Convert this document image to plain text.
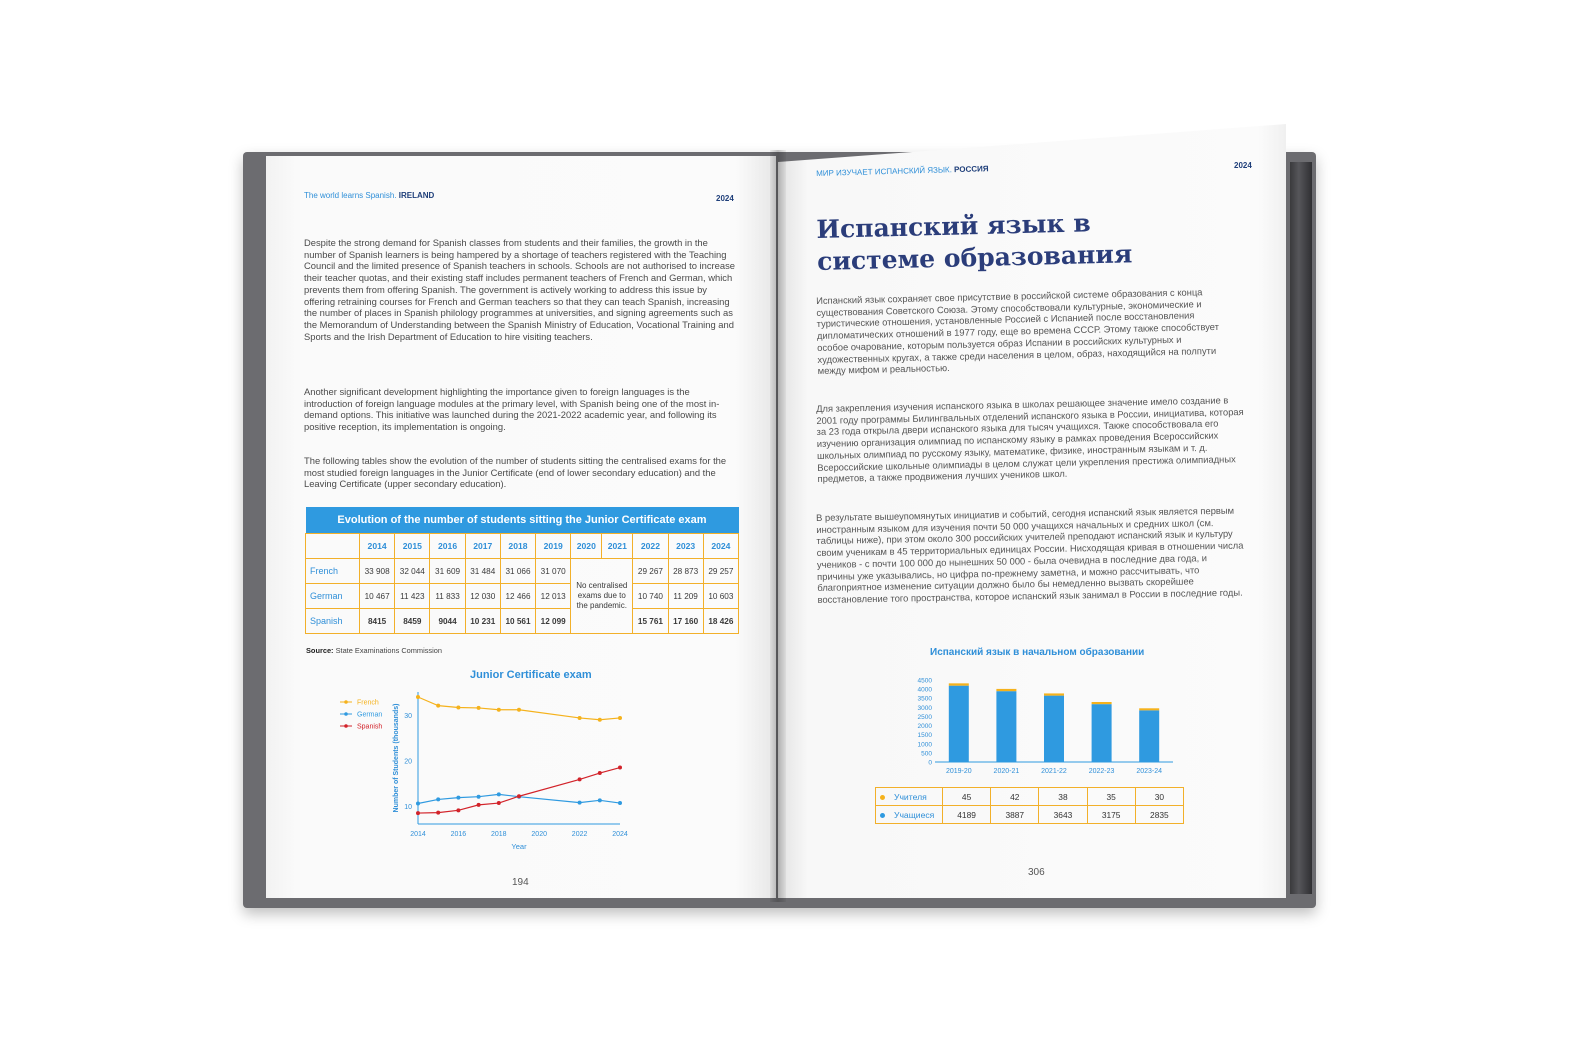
The world learns Spanish. IRELAND	2024
Despite the strong demand for Spanish classes from students and their families, the growth in the number of Spanish learners is being hampered by a shortage of teachers registered with the Teaching Council and the limited presence of Spanish teachers in schools. Schools are not authorised to increase their teacher quotas, and their existing staff includes permanent teachers of French and German, which prevents them from offering Spanish. The government is actively working to address this issue by offering retraining courses for French and German teachers so that they can teach Spanish, increasing the number of places in Spanish philology programmes at universities, and signing agreements such as the Memorandum of Understanding between the Spanish Ministry of Education, Vocational Training and Sports and the Irish Department of Education to hire visiting teachers.
Another significant development highlighting the importance given to foreign languages is the introduction of foreign language modules at the primary level, with Spanish being one of the most in-demand options. This initiative was launched during the 2021-2022 academic year, and following its positive reception, its implementation is ongoing.
The following tables show the evolution of the number of students sitting the centralised exams for the most studied foreign languages in the Junior Certificate (end of lower secondary education) and the Leaving Certificate (upper secondary education).
Evolution of the number of students sitting the Junior Certificate exam											
	2014	2015	2016	2017	2018	2019	2020	2021	2022	2023	2024
French	33 908	32 044	31 609	31 484	31 066	31 070	No centralised exams due to the pandemic.		29 267	28 873	29 257
German	10 467	11 423	11 833	12 030	12 466	12 013			10 740	11 209	10 603
Spanish	8415	8459	9044	10 231	10 561	12 099			15 761	17 160	18 426
Source: State Examinations Commission
Junior Certificate exam
10
20
30
2014	2016	2018	2020	2022	2024
Year
Number of Students (thousands)
French
German
Spanish
194
МИР ИЗУЧАЕТ ИСПАНСКИЙ ЯЗЫК. РОССИЯ	2024
Испанский язык в системе образования
Испанский язык сохраняет свое присутствие в российской системе образования с конца существования Советского Союза. Этому способствовали культурные, экономические и туристические отношения, установленные Россией с Испанией после восстановления дипломатических отношений в 1977 году, еще во времена СССР. Этому также способствует особое очарование, которым пользуется образ Испании в российских культурных и художественных кругах, а также среди населения в целом, образ, находящийся на полпути между мифом и реальностью.
Для закрепления изучения испанского языка в школах решающее значение имело создание в 2001 году программы Билингвальных отделений испанского языка в России, инициатива, которая за 23 года открыла двери испанского языка для тысяч учащихся. Также способствовала его изучению организация олимпиад по испанскому языку в рамках проведения Всероссийских школьных олимпиад по русскому языку, математике, физике, иностранным языкам и т. д. Всероссийские школьные олимпиады в целом служат цели укрепления престижа олимпиадных предметов, а также продвижения лучших учеников школ.
В результате вышеупомянутых инициатив и событий, сегодня испанский язык является первым иностранным языком для изучения почти 50 000 учащихся начальных и средних школ (см. таблицы ниже), при этом около 300 российских учителей преподают испанский язык и культуру своим ученикам в 45 территориальных единицах России. Нисходящая кривая в отношении числа учеников - с почти 100 000 до нынешних 50 000 - была очевидна в последние два года, и причины уже указывались, но цифра по-прежнему заметна, и можно рассчитывать, что благоприятное изменение ситуации должно было бы немедленно вызвать скорейшее восстановление того пространства, которое испанский язык занимал в России в последние годы.
Испанский язык в начальном образовании
0
500
1000
1500
2000
2500
3000
3500
4000
4500
2019-20	2020-21	2021-22	2022-23	2023-24
Учителя	45	42	38	35	30
Учащиеся	4189	3887	3643	3175	2835
306
